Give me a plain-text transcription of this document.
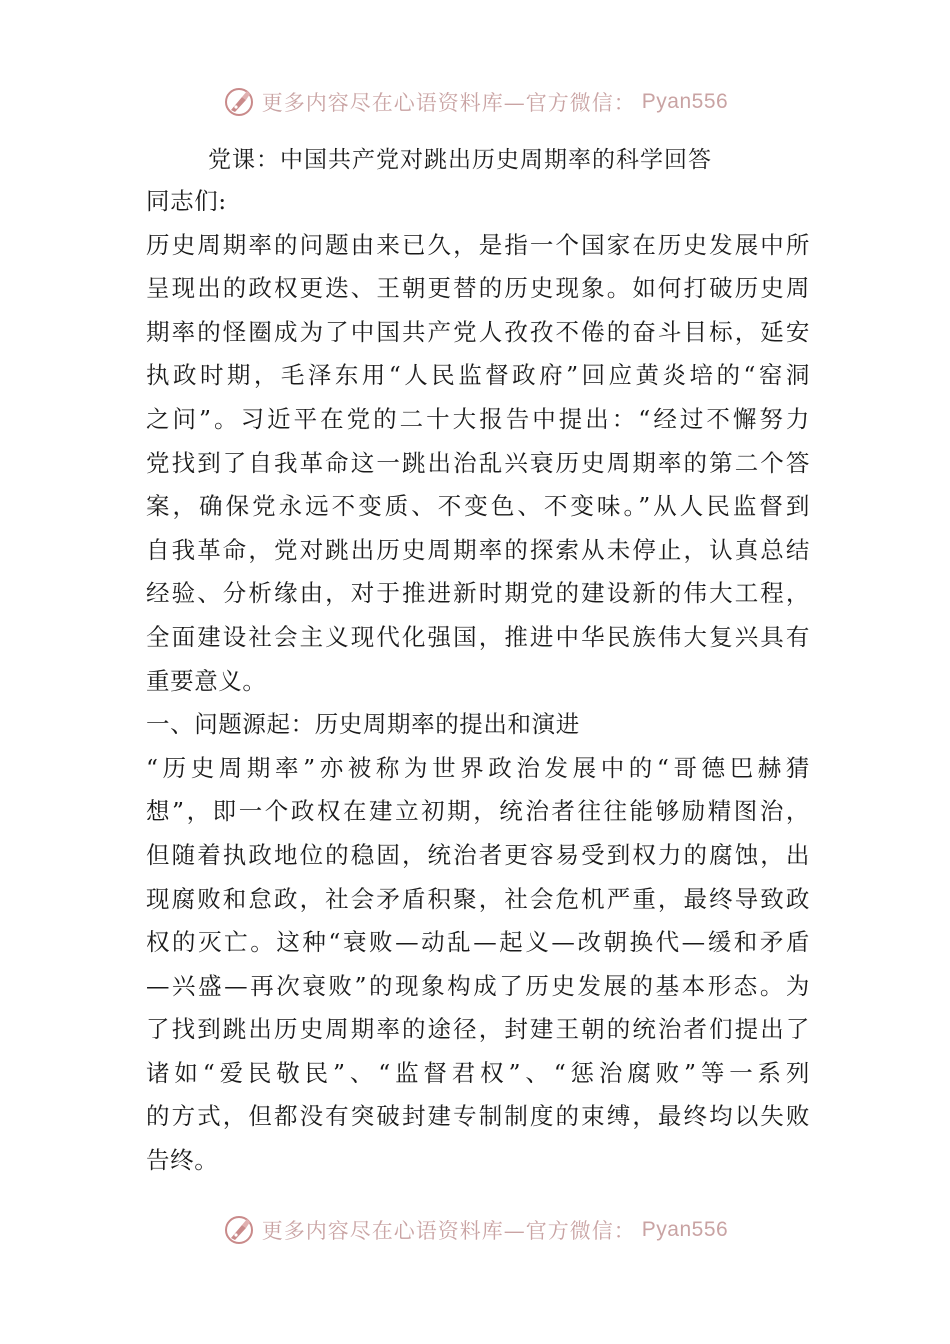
更多内容尽在心语资料库—官方微信： Pyan556
党课：中国共产党对跳出历史周期率的科学回答

同志们:

历史周期率的问题由来已久，是指一个国家在历史发展中所

呈现出的政权更迭、王朝更替的历史现象。如何打破历史周

期率的怪圈成为了中国共产党人孜孜不倦的奋斗目标，延安

执政时期，毛泽东用“人民监督政府”回应黄炎培的“窑洞

之问”。习近平在党的二十大报告中提出：“经过不懈努力

党找到了自我革命这一跳出治乱兴衰历史周期率的第二个答

案，确保党永远不变质、不变色、不变味。”从人民监督到

自我革命，党对跳出历史周期率的探索从未停止，认真总结

经验、分析缘由，对于推进新时期党的建设新的伟大工程，

全面建设社会主义现代化强国，推进中华民族伟大复兴具有

重要意义。

一、问题源起：历史周期率的提出和演进

“历史周期率”亦被称为世界政治发展中的“哥德巴赫猜

想”，即一个政权在建立初期，统治者往往能够励精图治，

但随着执政地位的稳固，统治者更容易受到权力的腐蚀，出

现腐败和怠政，社会矛盾积聚，社会危机严重，最终导致政

权的灭亡。这种“衰败—动乱—起义—改朝换代—缓和矛盾

—兴盛—再次衰败”的现象构成了历史发展的基本形态。为

了找到跳出历史周期率的途径，封建王朝的统治者们提出了

诸如“爱民敬民”、“监督君权”、“惩治腐败”等一系列

的方式，但都没有突破封建专制制度的束缚，最终均以失败

告终。

更多内容尽在心语资料库—官方微信： Pyan556
